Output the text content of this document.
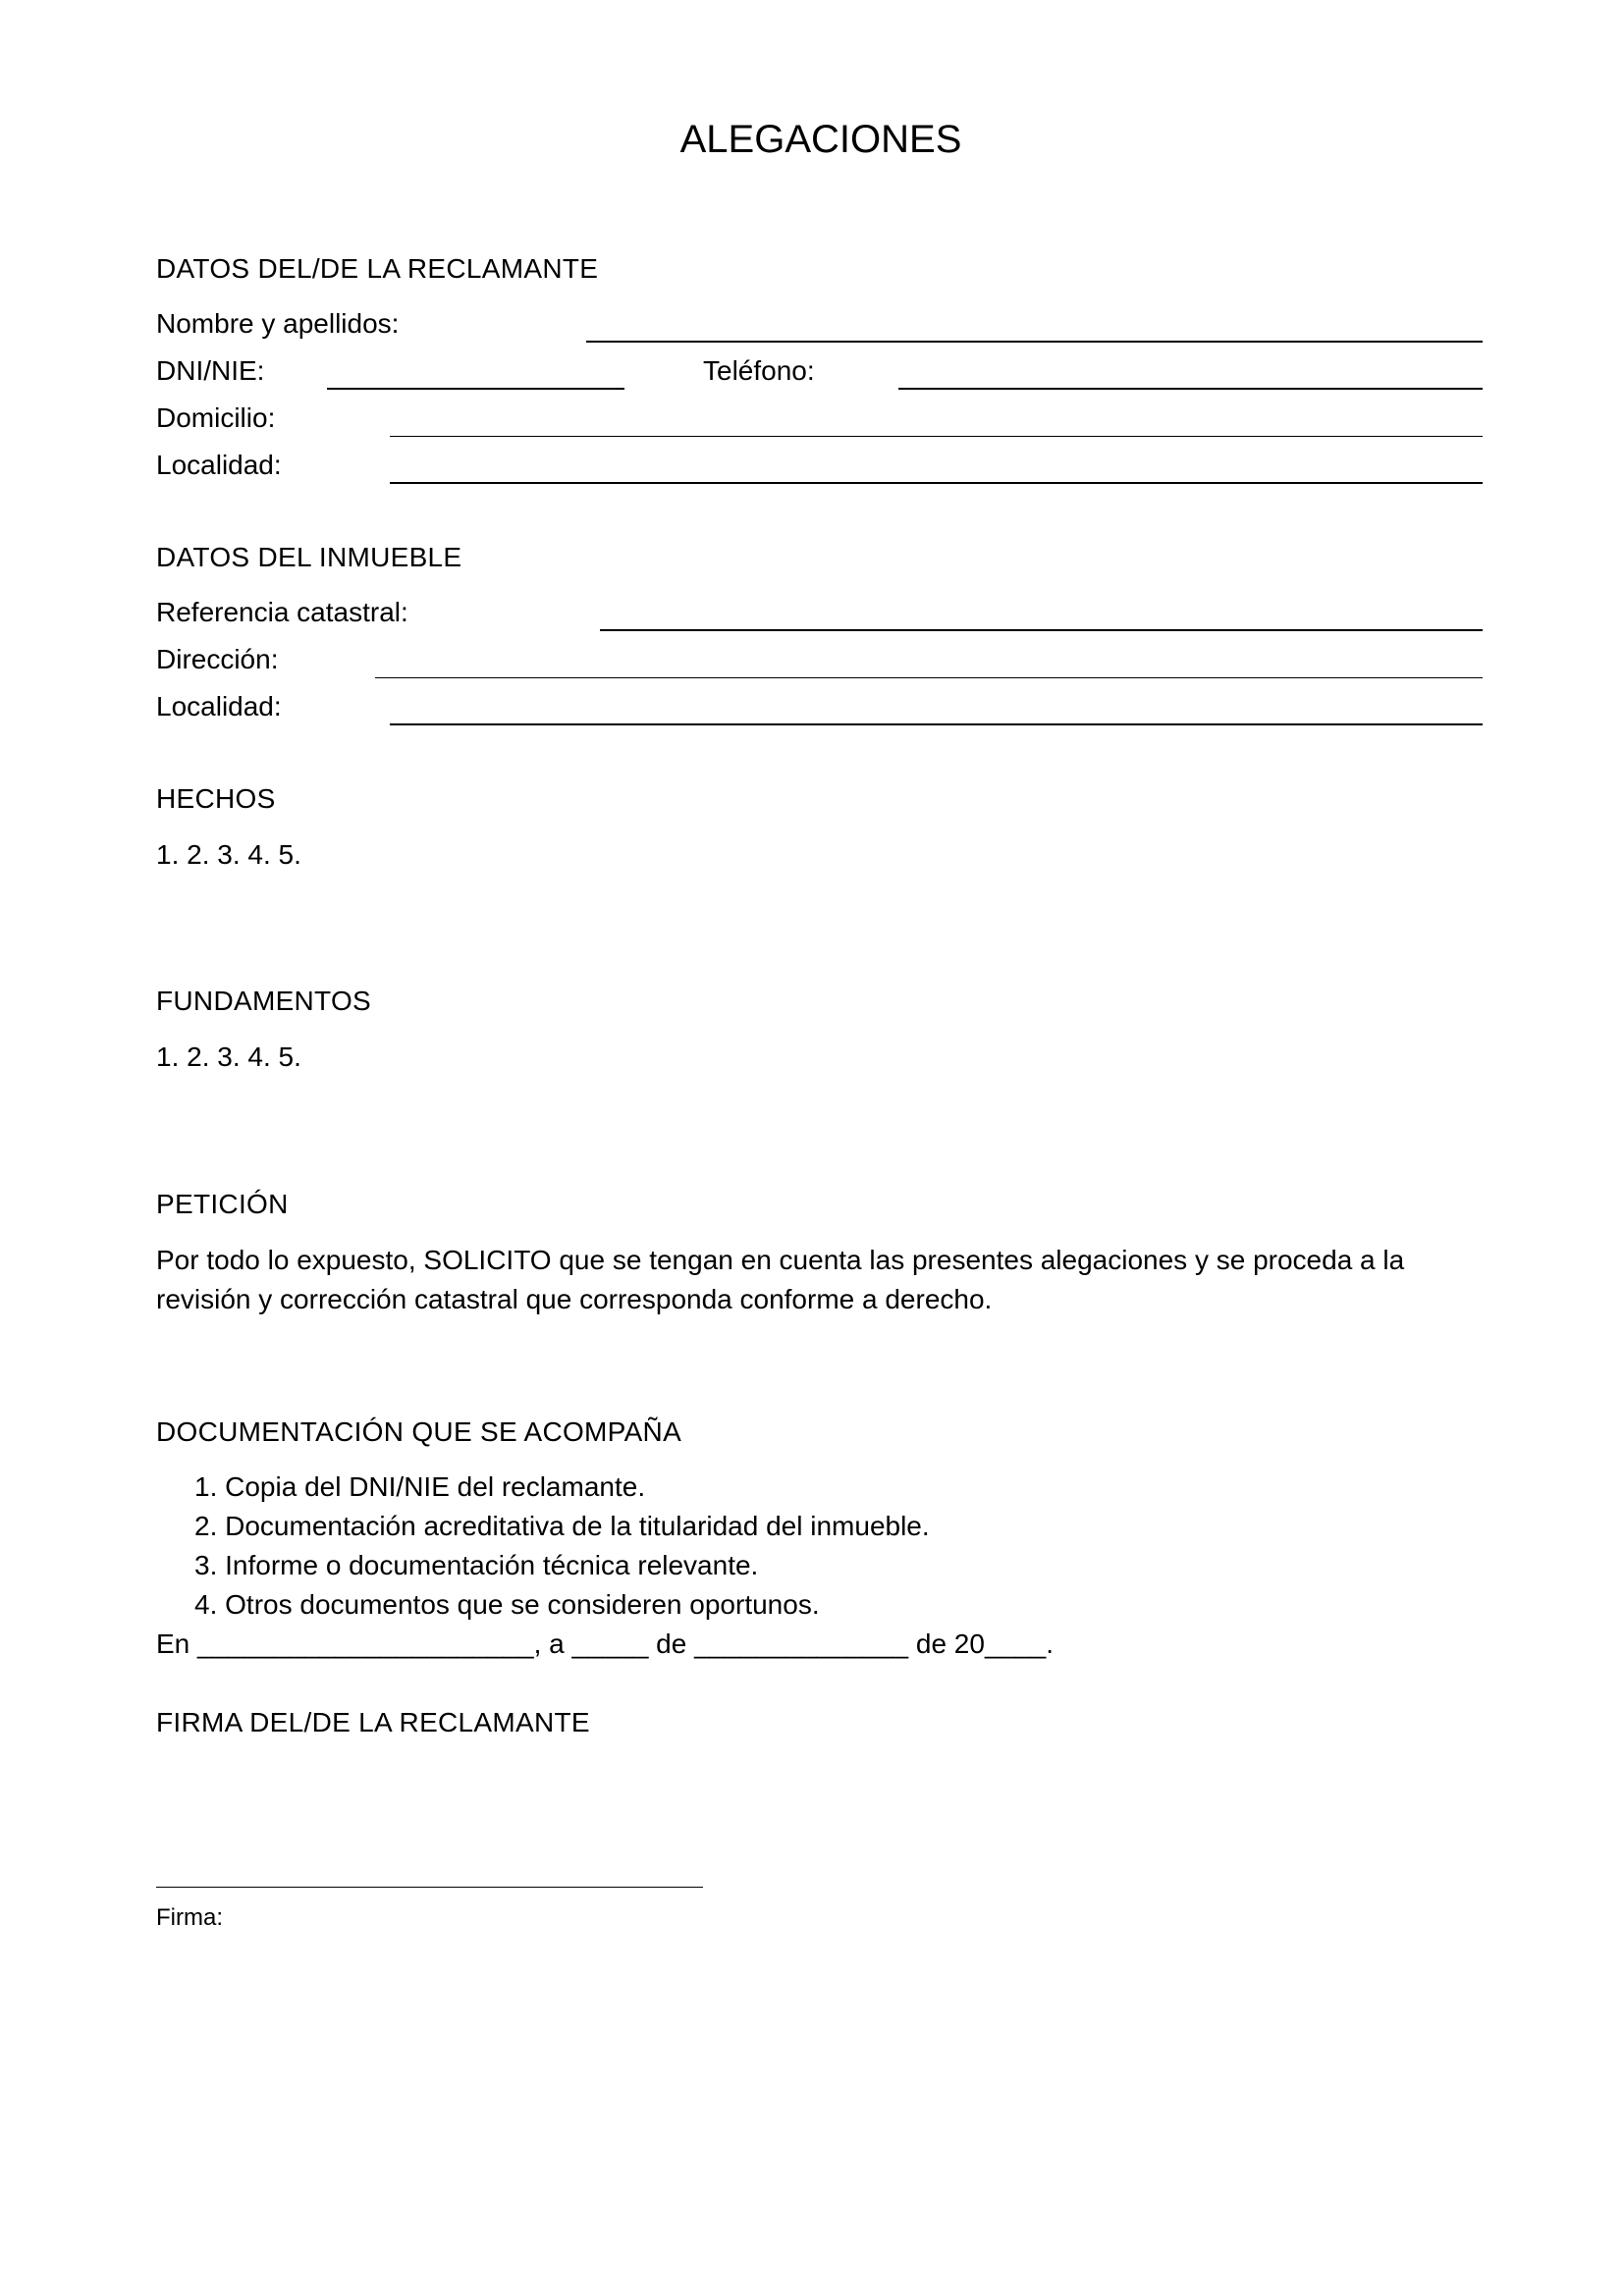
ALEGACIONES
DATOS DEL/DE LA RECLAMANTE
Nombre y apellidos:
DNI/NIE:	Teléfono:
Domicilio:
Localidad:
DATOS DEL INMUEBLE
Referencia catastral:
Dirección:
Localidad:
HECHOS
1. 2. 3. 4. 5.
FUNDAMENTOS
1. 2. 3. 4. 5.
PETICIÓN
Por todo lo expuesto, SOLICITO que se tengan en cuenta las presentes alegaciones y se proceda a la
revisión y corrección catastral que corresponda conforme a derecho.
DOCUMENTACIÓN QUE SE ACOMPAÑA
1. Copia del DNI/NIE del reclamante.
2. Documentación acreditativa de la titularidad del inmueble.
3. Informe o documentación técnica relevante.
4. Otros documentos que se consideren oportunos.
En ______________________, a _____ de ______________ de 20____.
FIRMA DEL/DE LA RECLAMANTE
Firma:
